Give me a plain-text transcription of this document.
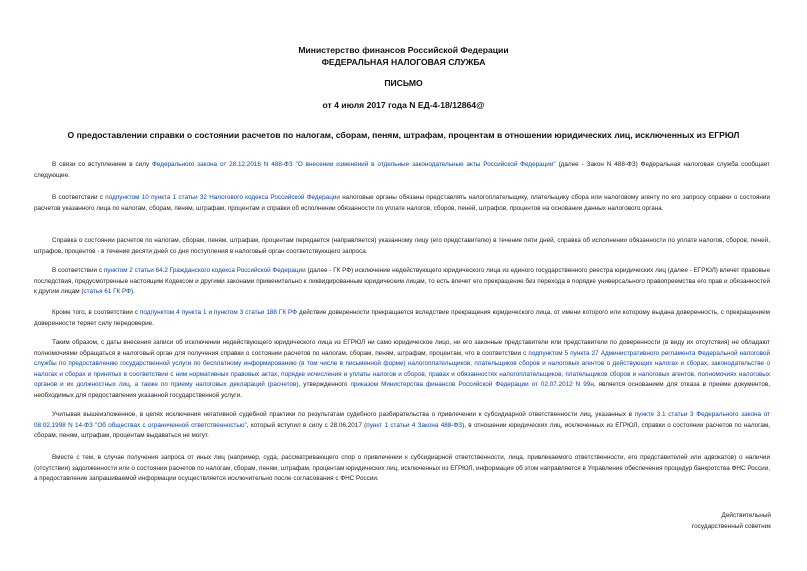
Министерство финансов Российской Федерации
ФЕДЕРАЛЬНАЯ НАЛОГОВАЯ СЛУЖБА
ПИСЬМО
от 4 июля 2017 года N ЕД-4-18/12864@
О предоставлении справки о состоянии расчетов по налогам, сборам, пеням, штрафам, процентам в отношении юридических лиц, исключенных из ЕГРЮЛ

В связи со вступлением в силу Федерального закона от 28.12.2016 N 488-ФЗ "О внесении изменений в отдельные законодательные акты Российской Федерации" (далее - Закон N 488-ФЗ) Федеральная налоговая служба сообщает следующее.

В соответствии с подпунктом 10 пункта 1 статьи 32 Налогового кодекса Российской Федерации налоговые органы обязаны представлять налогоплательщику, плательщику сбора или налоговому агенту по его запросу справки о состоянии расчетов указанного лица по налогам, сборам, пеням, штрафам, процентам и справки об исполнении обязанности по уплате налогов, сборов, пеней, штрафов, процентов на основании данных налогового органа.

Справка о состоянии расчетов по налогам, сборам, пеням, штрафам, процентам передается (направляется) указанному лицу (его представителю) в течение пяти дней, справка об исполнении обязанности по уплате налогов, сборов, пеней, штрафов, процентов - в течение десяти дней со дня поступления в налоговый орган соответствующего запроса.

В соответствии с пунктом 2 статьи 64.2 Гражданского кодекса Российской Федерации (далее - ГК РФ) исключение недействующего юридического лица из единого государственного реестра юридических лиц (далее - ЕГРЮЛ) влечет правовые последствия, предусмотренные настоящим Кодексом и другими законами применительно к ликвидированным юридическим лицам, то есть влечет его прекращение без перехода в порядке универсального правопреемства его прав и обязанностей к другим лицам (статья 61 ГК РФ).

Кроме того, в соответствии с подпунктом 4 пункта 1 и пунктом 3 статьи 188 ГК РФ действие доверенности прекращается вследствие прекращения юридического лица, от имени которого или которому выдана доверенность, с прекращением доверенности теряет силу передоверие.

Таким образом, с даты внесения записи об исключении недействующего юридического лица из ЕГРЮЛ ни само юридическое лицо, ни его законные представители или представители по доверенности (в виду их отсутствия) не обладают полномочиями обращаться в налоговый орган для получения справки о состоянии расчетов по налогам, сборам, пеням, штрафам, процентам, что в соответствии с подпунктом 5 пункта 27 Административного регламента Федеральной налоговой службы по предоставлению государственной услуги по бесплатному информированию (в том числе в письменной форме) налогоплательщиков, плательщиков сборов и налоговых агентов о действующих налогах и сборах, законодательстве о налогах и сборах и принятых в соответствии с ним нормативных правовых актах, порядке исчисления и уплаты налогов и сборов, правах и обязанностях налогоплательщиков, плательщиков сборов и налоговых агентов, полномочиях налоговых органов и их должностных лиц, а также по приему налоговых деклараций (расчетов), утвержденного приказом Министерства финансов Российской Федерации от 02.07.2012 N 99н, является основанием для отказа в приеме документов, необходимых для предоставления указанной государственной услуги.

Учитывая вышеизложенное, в целях исключения негативной судебной практики по результатам судебного разбирательства о привлечении к субсидиарной ответственности лиц, указанных в пункте 3.1 статьи 3 Федерального закона от 08.02.1998 N 14-ФЗ "Об обществах с ограниченной ответственностью", который вступил в силу с 28.06.2017 (пункт 1 статьи 4 Закона 488-ФЗ), в отношении юридических лиц, исключенных из ЕГРЮЛ, справки о состоянии расчетов по налогам, сборам, пеням, штрафам, процентам выдаваться не могут.

Вместе с тем, в случае получения запроса от иных лиц (например, суда, рассматривающего спор о привлечении к субсидиарной ответственности, лица, привлекаемого ответственности, его представителей или адвокатов) о наличии (отсутствии) задолженности или о состоянии расчетов по налогам, сборам, пеням, штрафам, процентам юридических лиц, исключенных из ЕГРЮЛ, информация об этом направляется в Управление обеспечения процедур банкротства ФНС России, а предоставление запрашиваемой информации осуществляется исключительно после согласования с ФНС России.

Действительный
государственный советник
